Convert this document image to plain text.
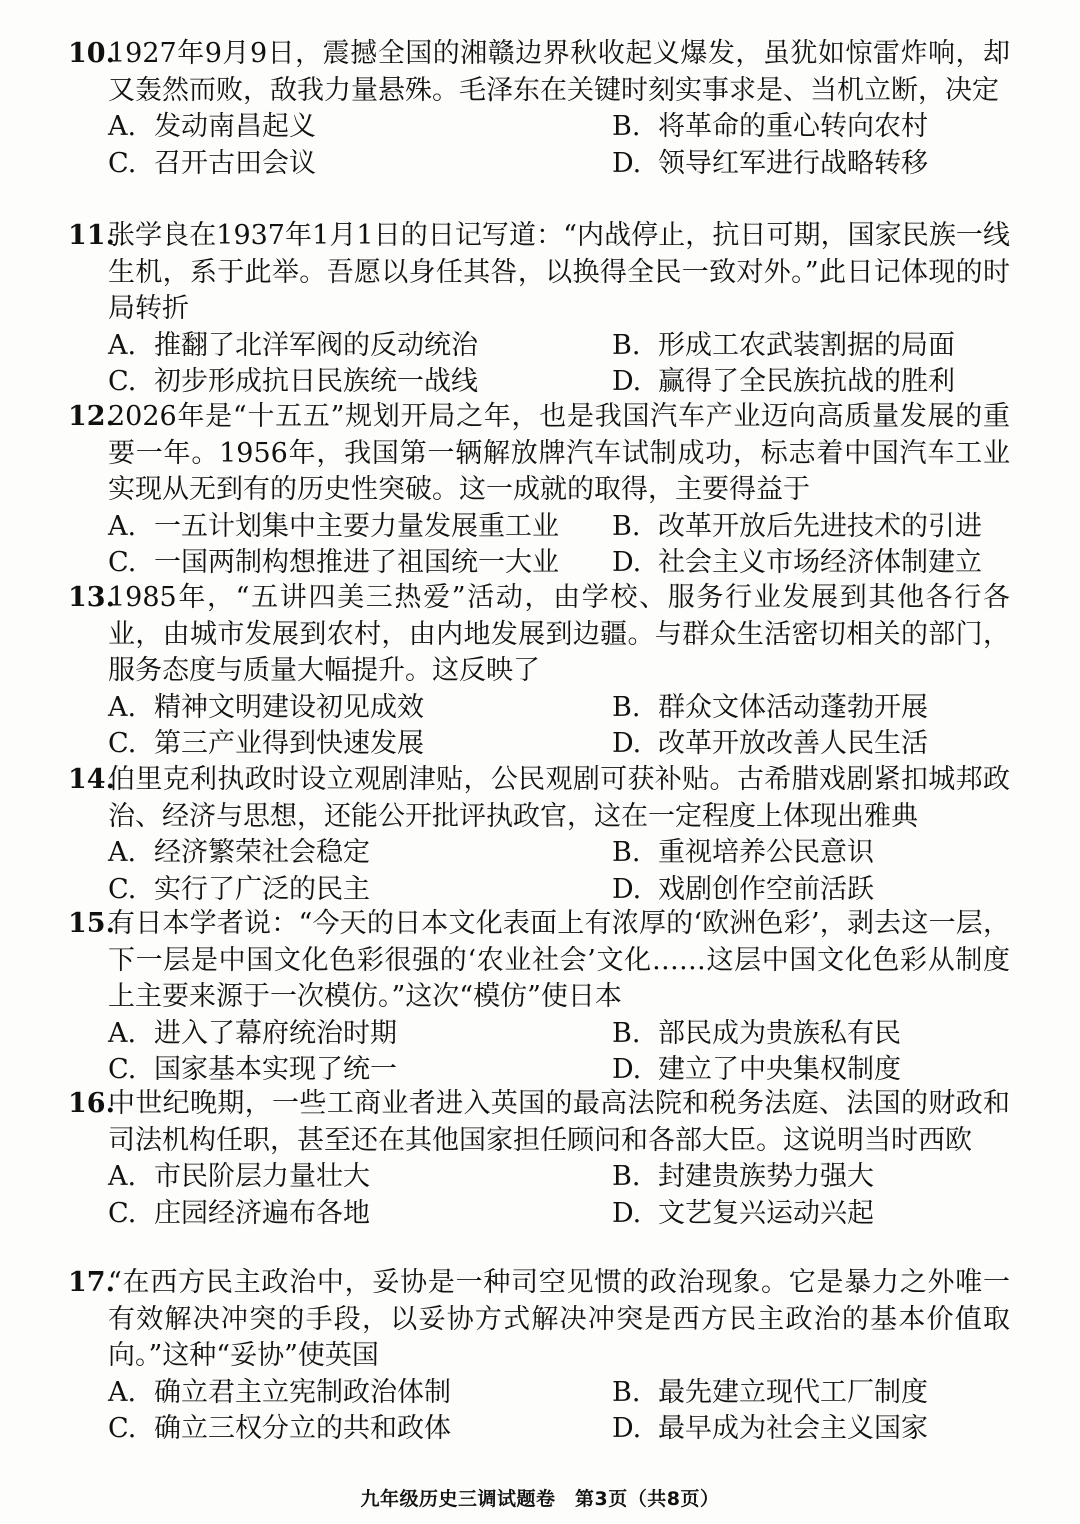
10.
1927年9月9日，震撼全国的湘赣边界秋收起义爆发，虽犹如惊雷炸响，却又轰然而败，敌我力量悬殊。毛泽东在关键时刻实事求是、当机立断，决定

A. 发动南昌起义	B. 将革命的重心转向农村
C. 召开古田会议	D. 领导红军进行战略转移

11.
张学良在1937年1月1日的日记写道：“内战停止，抗日可期，国家民族一线生机，系于此举。吾愿以身任其咎，以换得全民一致对外。”此日记体现的时局转折

A. 推翻了北洋军阀的反动统治	B. 形成工农武装割据的局面
C. 初步形成抗日民族统一战线	D. 赢得了全民族抗战的胜利

12.
2026年是“十五五”规划开局之年，也是我国汽车产业迈向高质量发展的重要一年。1956年，我国第一辆解放牌汽车试制成功，标志着中国汽车工业实现从无到有的历史性突破。这一成就的取得，主要得益于

A. 一五计划集中主要力量发展重工业 B. 改革开放后先进技术的引进
C. 一国两制构想推进了祖国统一大业 D. 社会主义市场经济体制建立

13.
1985年，“五讲四美三热爱”活动，由学校、服务行业发展到其他各行各业，由城市发展到农村，由内地发展到边疆。与群众生活密切相关的部门，服务态度与质量大幅提升。这反映了

A. 精神文明建设初见成效	B. 群众文体活动蓬勃开展
C. 第三产业得到快速发展	D. 改革开放改善人民生活

14.
伯里克利执政时设立观剧津贴，公民观剧可获补贴。古希腊戏剧紧扣城邦政治、经济与思想，还能公开批评执政官，这在一定程度上体现出雅典

A. 经济繁荣社会稳定	B. 重视培养公民意识
C. 实行了广泛的民主	D. 戏剧创作空前活跃

15.
有日本学者说：“今天的日本文化表面上有浓厚的‘欧洲色彩’，剥去这一层，下一层是中国文化色彩很强的‘农业社会’文化……这层中国文化色彩从制度上主要来源于一次模仿。”这次“模仿”使日本

A. 进入了幕府统治时期	B. 部民成为贵族私有民
C. 国家基本实现了统一	D. 建立了中央集权制度

16.
中世纪晚期，一些工商业者进入英国的最高法院和税务法庭、法国的财政和司法机构任职，甚至还在其他国家担任顾问和各部大臣。这说明当时西欧

A. 市民阶层力量壮大	B. 封建贵族势力强大
C. 庄园经济遍布各地	D. 文艺复兴运动兴起

17.
“在西方民主政治中，妥协是一种司空见惯的政治现象。它是暴力之外唯一有效解决冲突的手段，以妥协方式解决冲突是西方民主政治的基本价值取向。”这种“妥协”使英国

A. 确立君主立宪制政治体制	B. 最先建立现代工厂制度
C. 确立三权分立的共和政体	D. 最早成为社会主义国家
九年级历史三调试题卷　第3页（共8页）
